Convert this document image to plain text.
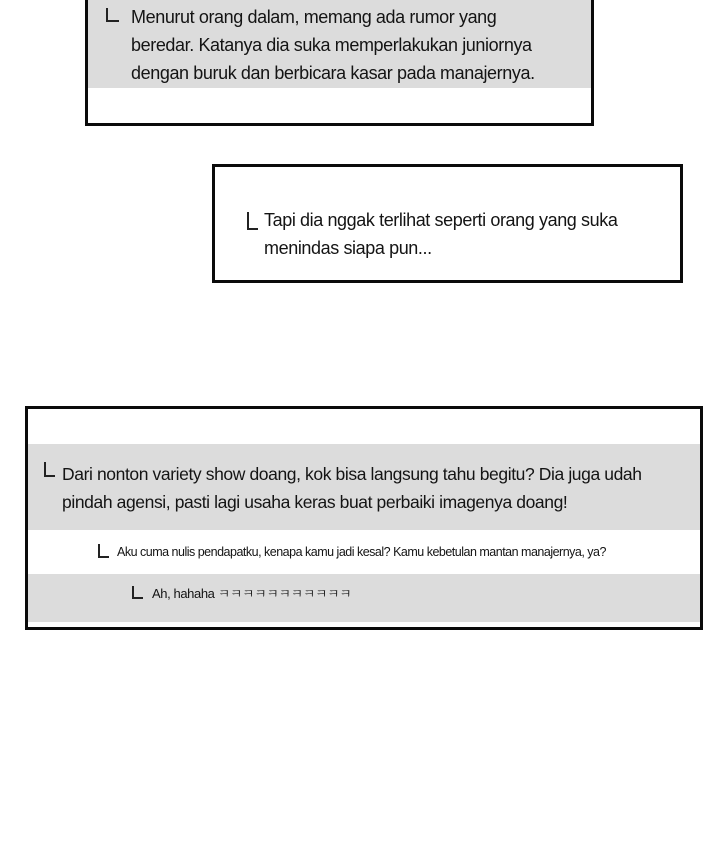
Menurut orang dalam, memang ada rumor yang beredar. Katanya dia suka memperlakukan juniornya dengan buruk dan berbicara kasar pada manajernya.
Tapi dia nggak terlihat seperti orang yang suka menindas siapa pun...
Dari nonton variety show doang, kok bisa langsung tahu begitu? Dia juga udah pindah agensi, pasti lagi usaha keras buat perbaiki imagenya doang!
Aku cuma nulis pendapatku, kenapa kamu jadi kesal? Kamu kebetulan mantan manajernya, ya?
Ah, hahaha ㅋㅋㅋㅋㅋㅋㅋㅋㅋㅋㅋ
